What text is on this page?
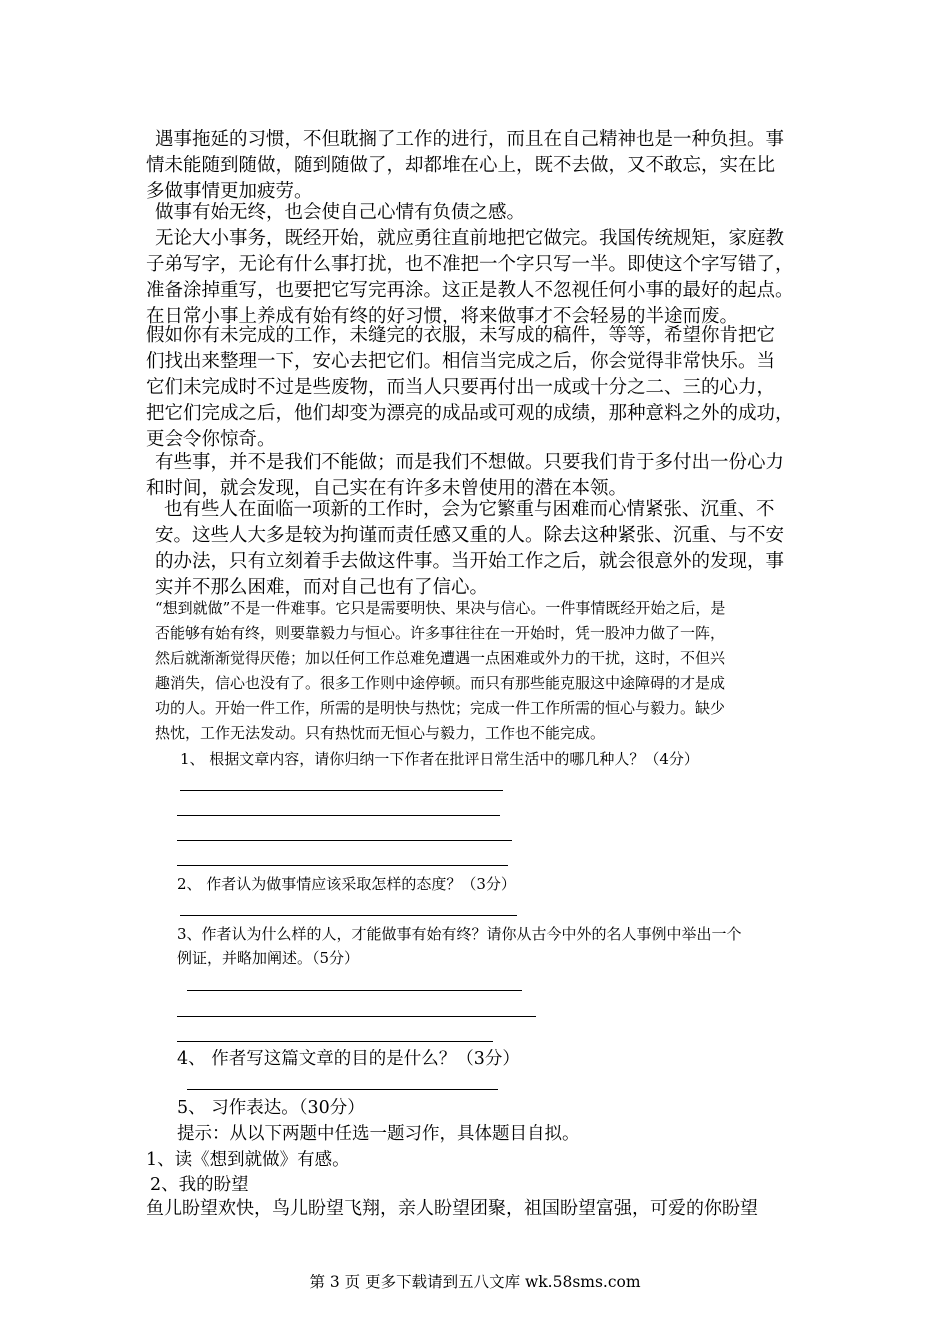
遇事拖延的习惯，不但耽搁了工作的进行，而且在自己精神也是一种负担。事
情未能随到随做，随到随做了，却都堆在心上，既不去做，又不敢忘，实在比
多做事情更加疲劳。
做事有始无终，也会使自己心情有负债之感。
无论大小事务，既经开始，就应勇往直前地把它做完。我国传统规矩，家庭教
子弟写字，无论有什么事打扰，也不准把一个字只写一半。即使这个字写错了，
准备涂掉重写，也要把它写完再涂。这正是教人不忽视任何小事的最好的起点。
在日常小事上养成有始有终的好习惯，将来做事才不会轻易的半途而废。
假如你有未完成的工作，未缝完的衣服，未写成的稿件，等等，希望你肯把它
们找出来整理一下，安心去把它们。相信当完成之后，你会觉得非常快乐。当
它们未完成时不过是些废物，而当人只要再付出一成或十分之二、三的心力，
把它们完成之后，他们却变为漂亮的成品或可观的成绩，那种意料之外的成功，
更会令你惊奇。
有些事，并不是我们不能做；而是我们不想做。只要我们肯于多付出一份心力
和时间，就会发现，自己实在有许多未曾使用的潜在本领。
也有些人在面临一项新的工作时，会为它繁重与困难而心情紧张、沉重、不
安。这些人大多是较为拘谨而责任感又重的人。除去这种紧张、沉重、与不安
的办法，只有立刻着手去做这件事。当开始工作之后，就会很意外的发现，事
实并不那么困难，而对自己也有了信心。
“想到就做”不是一件难事。它只是需要明快、果决与信心。一件事情既经开始之后，是
否能够有始有终，则要靠毅力与恒心。许多事往往在一开始时，凭一股冲力做了一阵，
然后就渐渐觉得厌倦；加以任何工作总难免遭遇一点困难或外力的干扰，这时，不但兴
趣消失，信心也没有了。很多工作则中途停顿。而只有那些能克服这中途障碍的才是成
功的人。开始一件工作，所需的是明快与热忱；完成一件工作所需的恒心与毅力。缺少
热忱，工作无法发动。只有热忱而无恒心与毅力，工作也不能完成。
1、 根据文章内容，请你归纳一下作者在批评日常生活中的哪几种人？（4分）
2、 作者认为做事情应该采取怎样的态度？（3分）
3、作者认为什么样的人，才能做事有始有终？请你从古今中外的名人事例中举出一个
例证，并略加阐述。（5分）
4、 作者写这篇文章的目的是什么？（3分）
5、 习作表达。（30分）
提示：从以下两题中任选一题习作，具体题目自拟。
1、读《想到就做》有感。
2、我的盼望
鱼儿盼望欢快，鸟儿盼望飞翔，亲人盼望团聚，祖国盼望富强，可爱的你盼望
第 3 页 更多下载请到五八文库 wk.58sms.com
